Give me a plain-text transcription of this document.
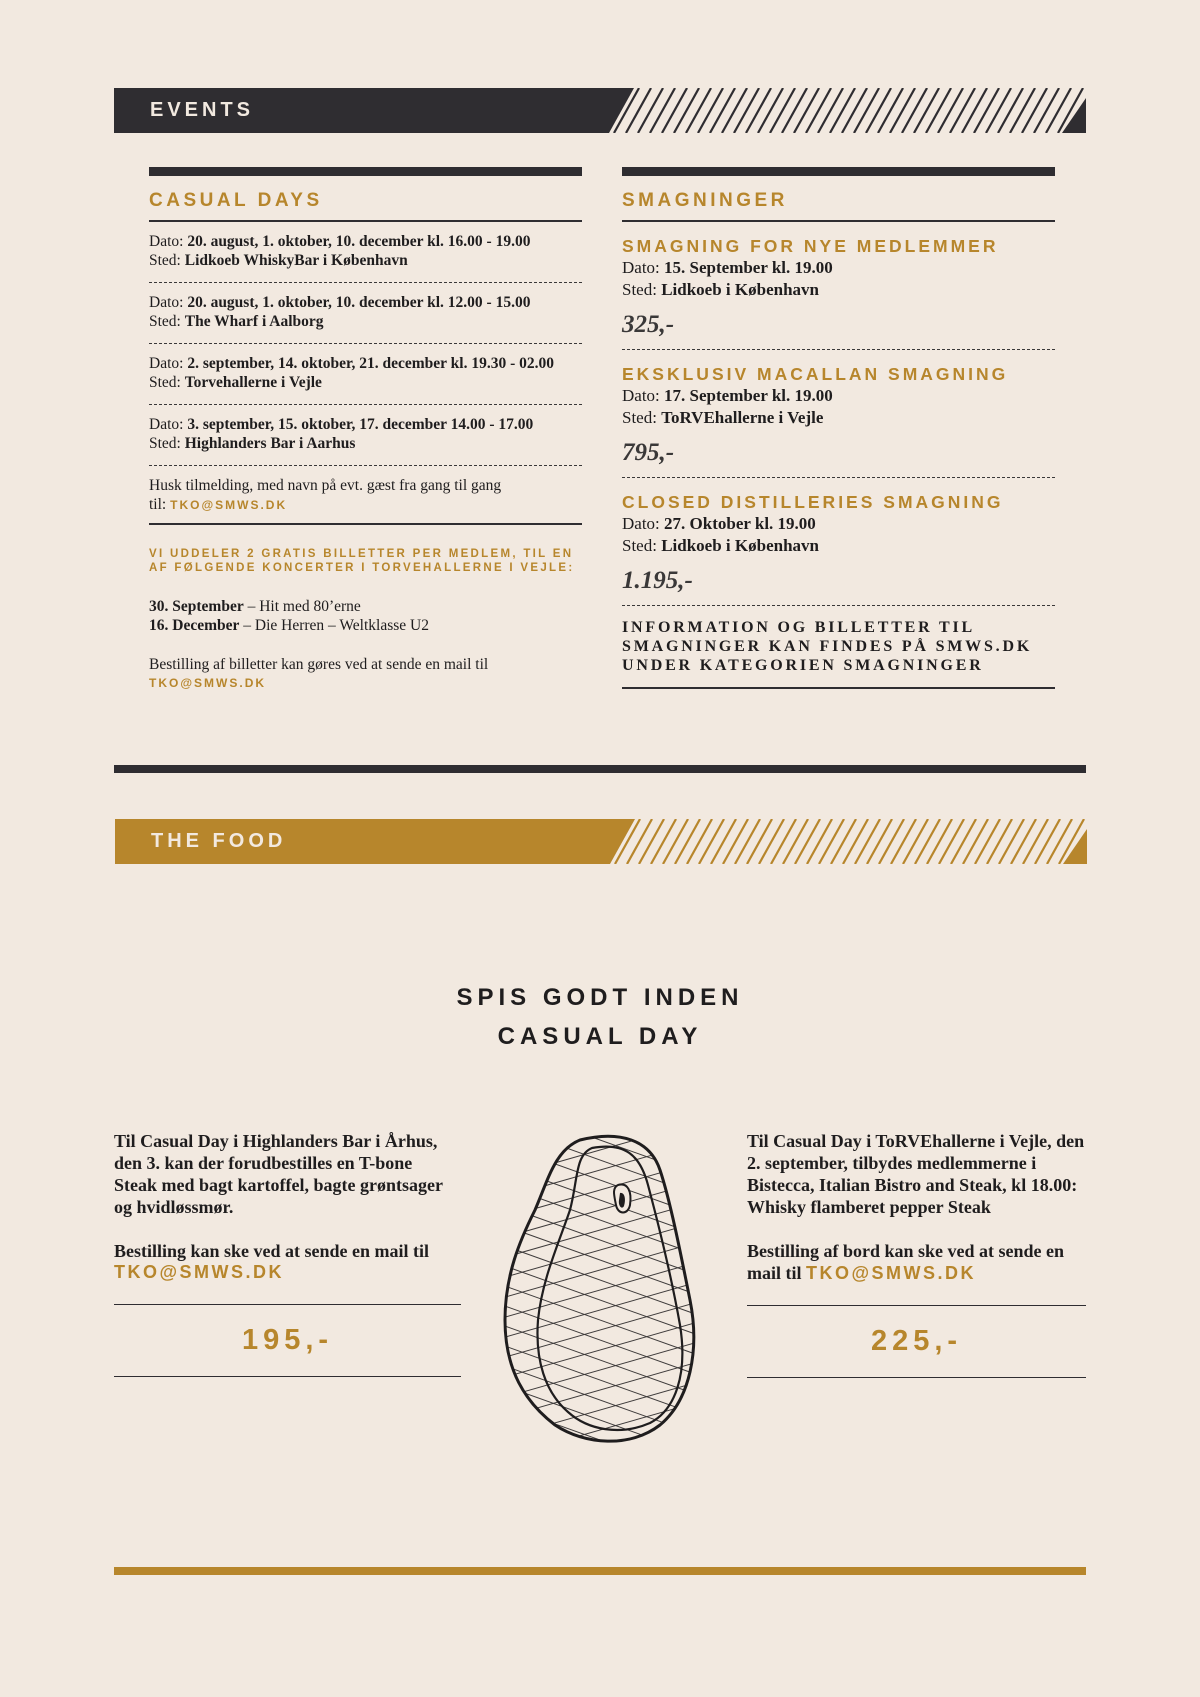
EVENTS
CASUAL DAYS
Dato: 20. august, 1. oktober, 10. december kl. 16.00 - 19.00
Sted: Lidkoeb WhiskyBar i København
Dato: 20. august, 1. oktober, 10. december kl. 12.00 - 15.00
Sted: The Wharf i Aalborg
Dato: 2. september, 14. oktober, 21. december kl. 19.30 - 02.00
Sted: Torvehallerne i Vejle
Dato: 3. september, 15. oktober, 17. december 14.00 - 17.00
Sted: Highlanders Bar i Aarhus
Husk tilmelding, med navn på evt. gæst fra gang til gang
til: TKO@SMWS.DK
VI UDDELER 2 GRATIS BILLETTER PER MEDLEM, TIL EN AF FØLGENDE KONCERTER I TORVEHALLERNE I VEJLE:
30. September – Hit med 80’erne
16. December – Die Herren – Weltklasse U2
Bestilling af billetter kan gøres ved at sende en mail til
TKO@SMWS.DK
SMAGNINGER
SMAGNING FOR NYE MEDLEMMER
Dato: 15. September kl. 19.00
Sted: Lidkoeb i København
325,-
EKSKLUSIV MACALLAN SMAGNING
Dato: 17. September kl. 19.00
Sted: ToRVEhallerne i Vejle
795,-
CLOSED DISTILLERIES SMAGNING
Dato: 27. Oktober kl. 19.00
Sted: Lidkoeb i København
1.195,-
INFORMATION OG BILLETTER TIL SMAGNINGER KAN FINDES PÅ SMWS.DK UNDER KATEGORIEN SMAGNINGER
THE FOOD
SPIS GODT INDEN
CASUAL DAY
Til Casual Day i Highlanders Bar i Århus, den 3. kan der forudbestilles en T-bone Steak med bagt kartoffel, bagte grøntsager og hvidløssmør.
Bestilling kan ske ved at sende en mail til
TKO@SMWS.DK
195,-
Til Casual Day i ToRVEhallerne i Vejle, den 2. september, tilbydes medlemmerne i Bistecca, Italian Bistro and Steak, kl 18.00: Whisky flamberet pepper Steak
Bestilling af bord kan ske ved at sende en mail til TKO@SMWS.DK
225,-
